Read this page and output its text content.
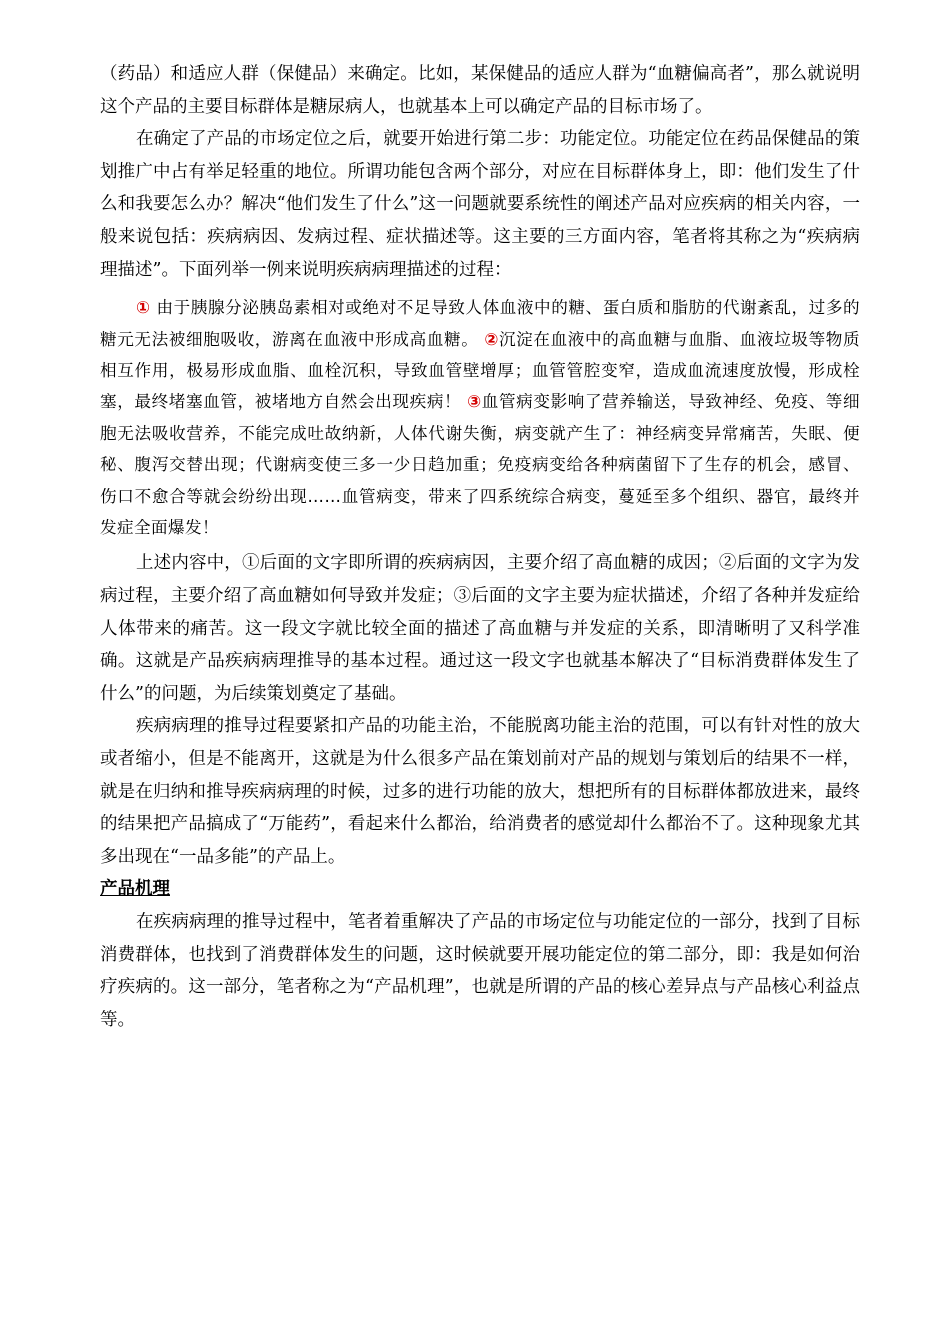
（药品）和适应人群（保健品）来确定。比如，某保健品的适应人群为“血糖偏高者”，那么就说明这个产品的主要目标群体是糖尿病人，也就基本上可以确定产品的目标市场了。

在确定了产品的市场定位之后，就要开始进行第二步：功能定位。功能定位在药品保健品的策划推广中占有举足轻重的地位。所谓功能包含两个部分，对应在目标群体身上，即：他们发生了什么和我要怎么办？解决“他们发生了什么”这一问题就要系统性的阐述产品对应疾病的相关内容，一般来说包括：疾病病因、发病过程、症状描述等。这主要的三方面内容，笔者将其称之为“疾病病理描述”。下面列举一例来说明疾病病理描述的过程：

① 由于胰腺分泌胰岛素相对或绝对不足导致人体血液中的糖、蛋白质和脂肪的代谢紊乱，过多的糖元无法被细胞吸收，游离在血液中形成高血糖。 ②沉淀在血液中的高血糖与血脂、血液垃圾等物质相互作用，极易形成血脂、血栓沉积，导致血管壁增厚；血管管腔变窄，造成血流速度放慢，形成栓塞，最终堵塞血管，被堵地方自然会出现疾病！ ③血管病变影响了营养输送，导致神经、免疫、等细胞无法吸收营养，不能完成吐故纳新，人体代谢失衡，病变就产生了：神经病变异常痛苦，失眠、便秘、腹泻交替出现；代谢病变使三多一少日趋加重；免疫病变给各种病菌留下了生存的机会，感冒、伤口不愈合等就会纷纷出现……血管病变，带来了四系统综合病变，蔓延至多个组织、器官，最终并发症全面爆发！

上述内容中，①后面的文字即所谓的疾病病因，主要介绍了高血糖的成因；②后面的文字为发病过程，主要介绍了高血糖如何导致并发症；③后面的文字主要为症状描述，介绍了各种并发症给人体带来的痛苦。这一段文字就比较全面的描述了高血糖与并发症的关系，即清晰明了又科学准确。这就是产品疾病病理推导的基本过程。通过这一段文字也就基本解决了“目标消费群体发生了什么”的问题，为后续策划奠定了基础。

疾病病理的推导过程要紧扣产品的功能主治，不能脱离功能主治的范围，可以有针对性的放大或者缩小，但是不能离开，这就是为什么很多产品在策划前对产品的规划与策划后的结果不一样，就是在归纳和推导疾病病理的时候，过多的进行功能的放大，想把所有的目标群体都放进来，最终的结果把产品搞成了“万能药”，看起来什么都治，给消费者的感觉却什么都治不了。这种现象尤其多出现在“一品多能”的产品上。

产品机理

在疾病病理的推导过程中，笔者着重解决了产品的市场定位与功能定位的一部分，找到了目标消费群体，也找到了消费群体发生的问题，这时候就要开展功能定位的第二部分，即：我是如何治疗疾病的。这一部分，笔者称之为“产品机理”，也就是所谓的产品的核心差异点与产品核心利益点等。
